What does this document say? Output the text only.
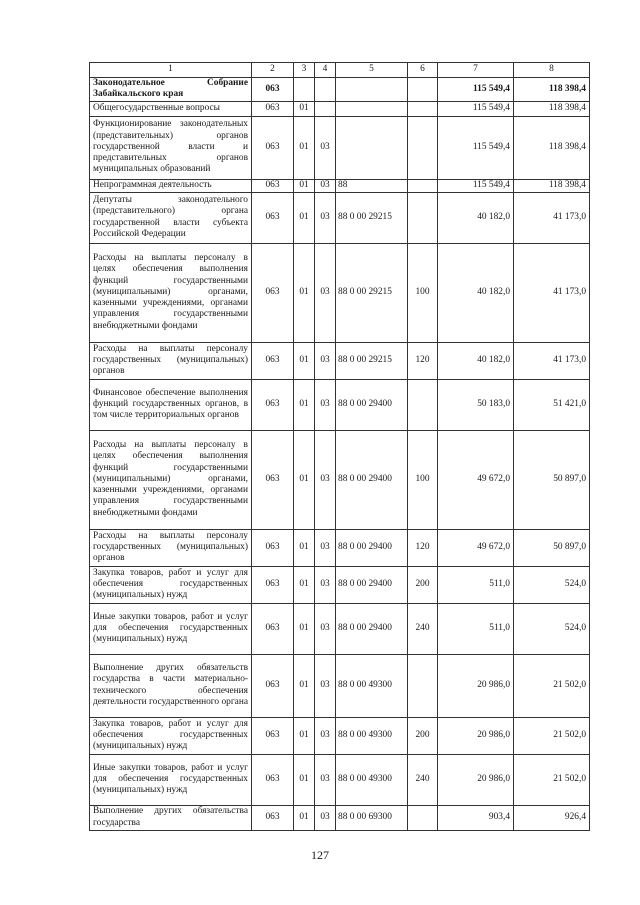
1	2	3	4	5	6	7	8
Законодательное Собрание Забайкальского края	063					115 549,4	118 398,4
Общегосударственные вопросы	063	01				115 549,4	118 398,4
Функционирование законодательных (представительных) органов государственной власти и представительных органов муниципальных образований	063	01	03			115 549,4	118 398,4
Непрограммная деятельность	063	01	03	88		115 549,4	118 398,4
Депутаты законодательного (представительного) органа государственной власти субъекта Российской Федерации	063	01	03	88 0 00 29215		40 182,0	41 173,0
Расходы на выплаты персоналу в целях обеспечения выполнения функций государственными (муниципальными) органами, казенными учреждениями, органами управления государственными внебюджетными фондами	063	01	03	88 0 00 29215	100	40 182,0	41 173,0
Расходы на выплаты персоналу государственных (муниципальных) органов	063	01	03	88 0 00 29215	120	40 182,0	41 173,0
Финансовое обеспечение выполнения функций государственных органов, в том числе территориальных органов	063	01	03	88 0 00 29400		50 183,0	51 421,0
Расходы на выплаты персоналу в целях обеспечения выполнения функций государственными (муниципальными) органами, казенными учреждениями, органами управления государственными внебюджетными фондами	063	01	03	88 0 00 29400	100	49 672,0	50 897,0
Расходы на выплаты персоналу государственных (муниципальных) органов	063	01	03	88 0 00 29400	120	49 672,0	50 897,0
Закупка товаров, работ и услуг для обеспечения государственных (муниципальных) нужд	063	01	03	88 0 00 29400	200	511,0	524,0
Иные закупки товаров, работ и услуг для обеспечения государственных (муниципальных) нужд	063	01	03	88 0 00 29400	240	511,0	524,0
Выполнение других обязательств государства в части материально-технического обеспечения деятельности государственного органа	063	01	03	88 0 00 49300		20 986,0	21 502,0
Закупка товаров, работ и услуг для обеспечения государственных (муниципальных) нужд	063	01	03	88 0 00 49300	200	20 986,0	21 502,0
Иные закупки товаров, работ и услуг для обеспечения государственных (муниципальных) нужд	063	01	03	88 0 00 49300	240	20 986,0	21 502,0
Выполнение других обязательства государства	063	01	03	88 0 00 69300		903,4	926,4
127
